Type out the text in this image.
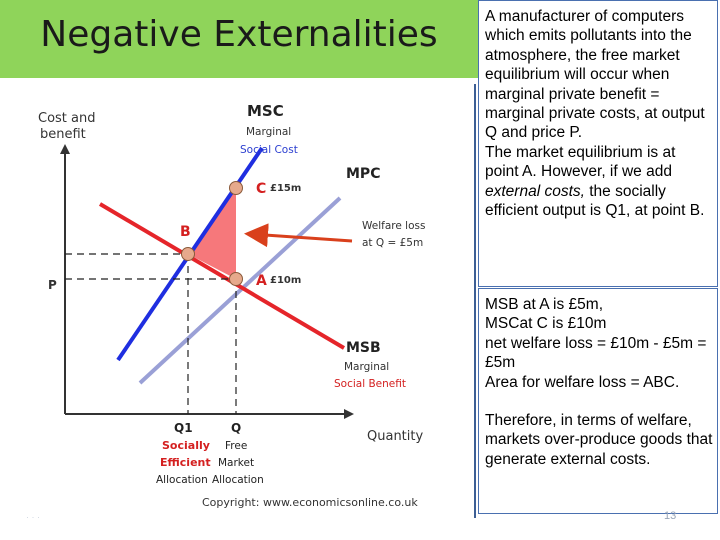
Negative Externalities
Cost and
benefit
Quantity
P
MSC
Marginal
Social Cost
MPC
MSB
Marginal
Social Benefit
C £15m
B
A £10m
Welfare loss
at Q = £5m
Q1
Socially
Efficient
Allocation
Q
Free
Market
Allocation
Copyright: www.economicsonline.co.uk

A manufacturer of computers which emits pollutants into the atmosphere, the free market equilibrium will occur when marginal private benefit = marginal private costs, at output Q and price P.

The market equilibrium is at point A. However, if we add external costs, the socially efficient output is Q1, at point B.

MSB at A is £5m,

MSCat C is £10m

net welfare loss = £10m - £5m = £5m

Area for welfare loss = ABC.

Therefore, in terms of welfare, markets over-produce goods that generate external costs.

· · ·	13
